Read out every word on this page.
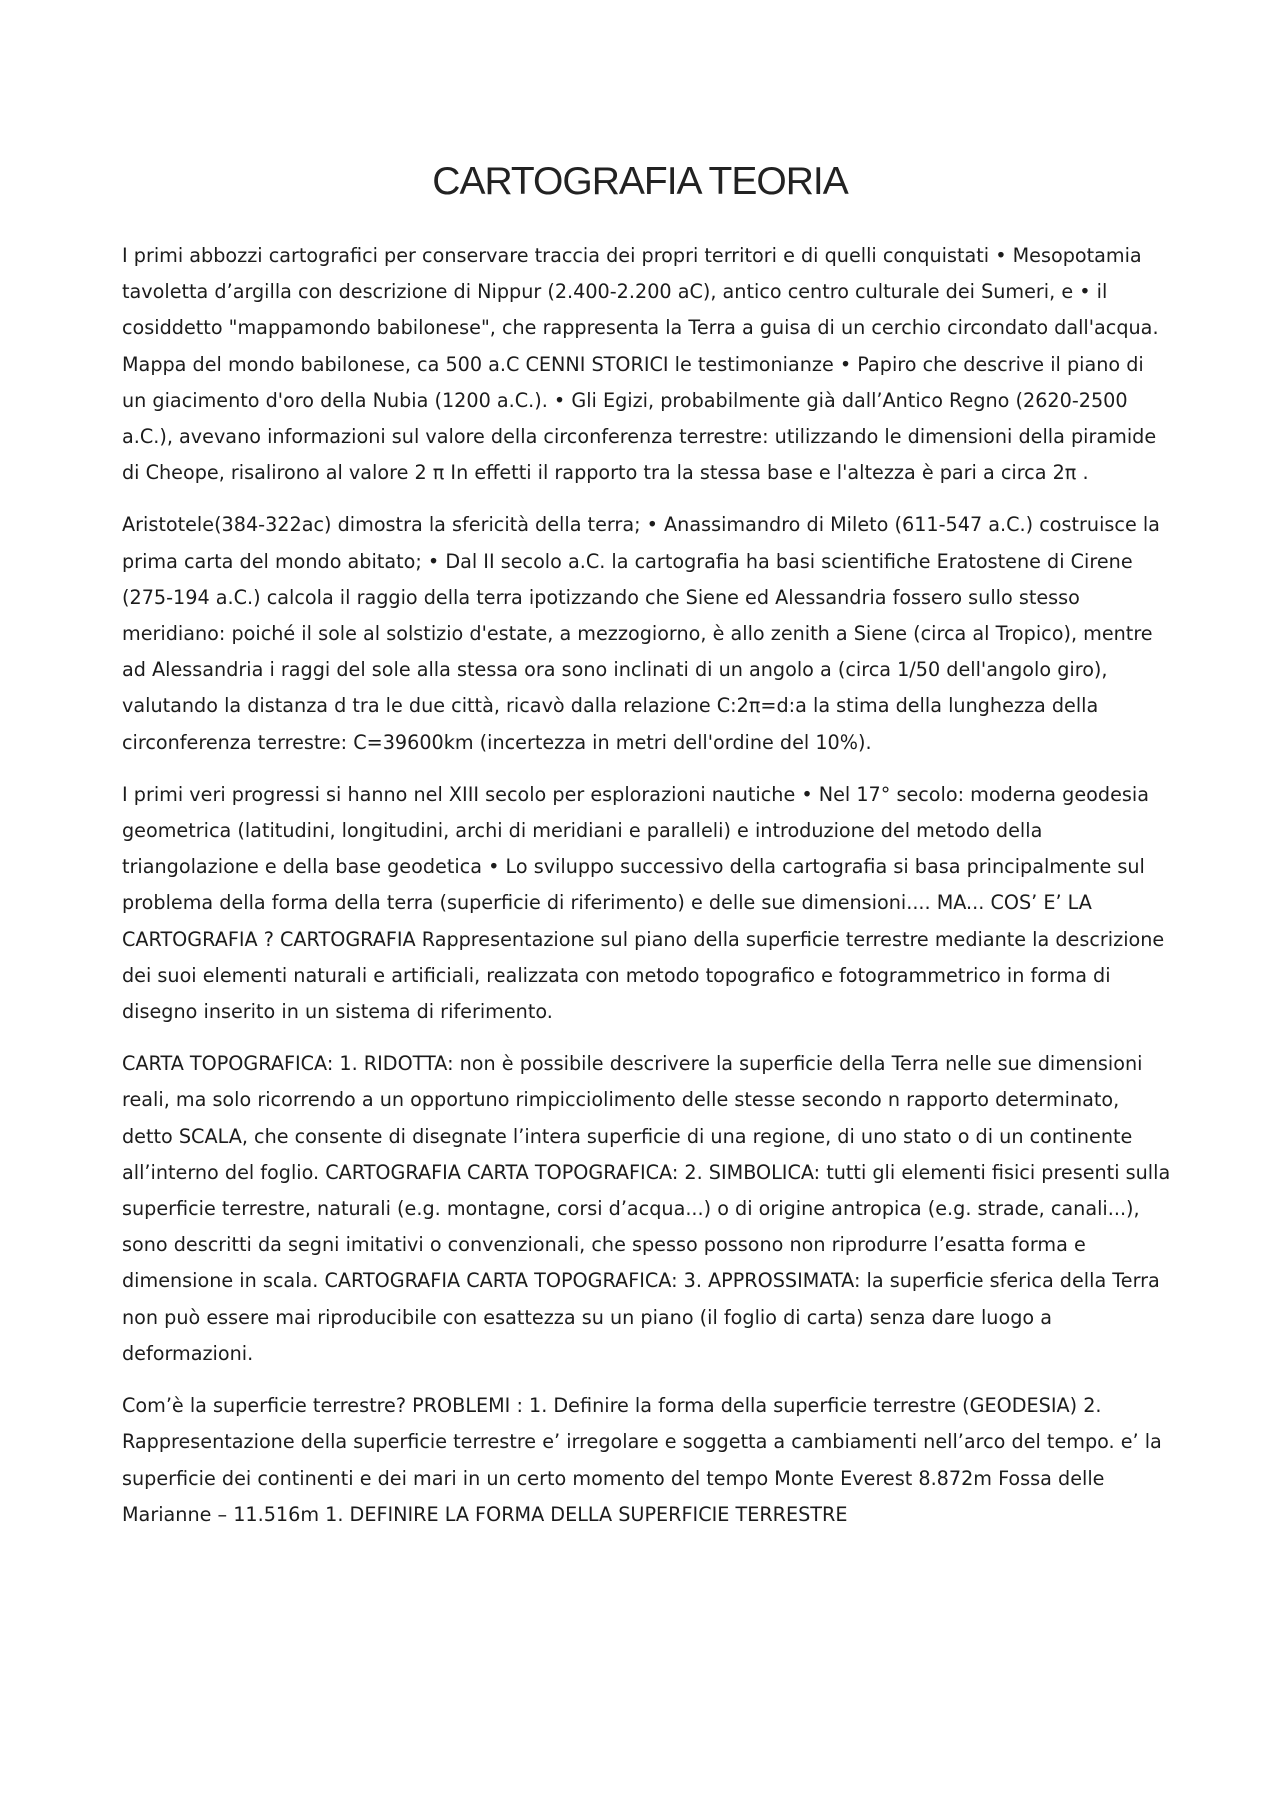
CARTOGRAFIA TEORIA

I primi abbozzi cartografici per conservare traccia dei propri territori e di quelli conquistati • Mesopotamia tavoletta d’argilla con descrizione di Nippur (2.400-2.200 aC), antico centro culturale dei Sumeri, e • il cosiddetto "mappamondo babilonese", che rappresenta la Terra a guisa di un cerchio circondato dall'acqua. Mappa del mondo babilonese, ca 500 a.C CENNI STORICI le testimonianze • Papiro che descrive il piano di un giacimento d'oro della Nubia (1200 a.C.). • Gli Egizi, probabilmente già dall’Antico Regno (2620-2500 a.C.), avevano informazioni sul valore della circonferenza terrestre: utilizzando le dimensioni della piramide di Cheope, risalirono al valore 2 π In effetti il rapporto tra la stessa base e l'altezza è pari a circa 2π .

Aristotele(384-322ac) dimostra la sfericità della terra; • Anassimandro di Mileto (611-547 a.C.) costruisce la prima carta del mondo abitato; • Dal II secolo a.C. la cartografia ha basi scientifiche Eratostene di Cirene (275-194 a.C.) calcola il raggio della terra ipotizzando che Siene ed Alessandria fossero sullo stesso meridiano: poiché il sole al solstizio d'estate, a mezzogiorno, è allo zenith a Siene (circa al Tropico), mentre ad Alessandria i raggi del sole alla stessa ora sono inclinati di un angolo a (circa 1/50 dell'angolo giro), valutando la distanza d tra le due città, ricavò dalla relazione C:2π=d:a la stima della lunghezza della circonferenza terrestre: C=39600km (incertezza in metri dell'ordine del 10%).

I primi veri progressi si hanno nel XIII secolo per esplorazioni nautiche • Nel 17° secolo: moderna geodesia geometrica (latitudini, longitudini, archi di meridiani e paralleli) e introduzione del metodo della triangolazione e della base geodetica • Lo sviluppo successivo della cartografia si basa principalmente sul problema della forma della terra (superficie di riferimento) e delle sue dimensioni.... MA... COS’ E’ LA CARTOGRAFIA ? CARTOGRAFIA Rappresentazione sul piano della superficie terrestre mediante la descrizione dei suoi elementi naturali e artificiali, realizzata con metodo topografico e fotogrammetrico in forma di disegno inserito in un sistema di riferimento.

CARTA TOPOGRAFICA: 1. RIDOTTA: non è possibile descrivere la superficie della Terra nelle sue dimensioni reali, ma solo ricorrendo a un opportuno rimpicciolimento delle stesse secondo n rapporto determinato, detto SCALA, che consente di disegnate l’intera superficie di una regione, di uno stato o di un continente all’interno del foglio. CARTOGRAFIA CARTA TOPOGRAFICA: 2. SIMBOLICA: tutti gli elementi fisici presenti sulla superficie terrestre, naturali (e.g. montagne, corsi d’acqua...) o di origine antropica (e.g. strade, canali...), sono descritti da segni imitativi o convenzionali, che spesso possono non riprodurre l’esatta forma e dimensione in scala. CARTOGRAFIA CARTA TOPOGRAFICA: 3. APPROSSIMATA: la superficie sferica della Terra non può essere mai riproducibile con esattezza su un piano (il foglio di carta) senza dare luogo a deformazioni.

Com’è la superficie terrestre? PROBLEMI : 1. Definire la forma della superficie terrestre (GEODESIA) 2. Rappresentazione della superficie terrestre e’ irregolare e soggetta a cambiamenti nell’arco del tempo. e’ la superficie dei continenti e dei mari in un certo momento del tempo Monte Everest 8.872m Fossa delle Marianne – 11.516m 1. DEFINIRE LA FORMA DELLA SUPERFICIE TERRESTRE
